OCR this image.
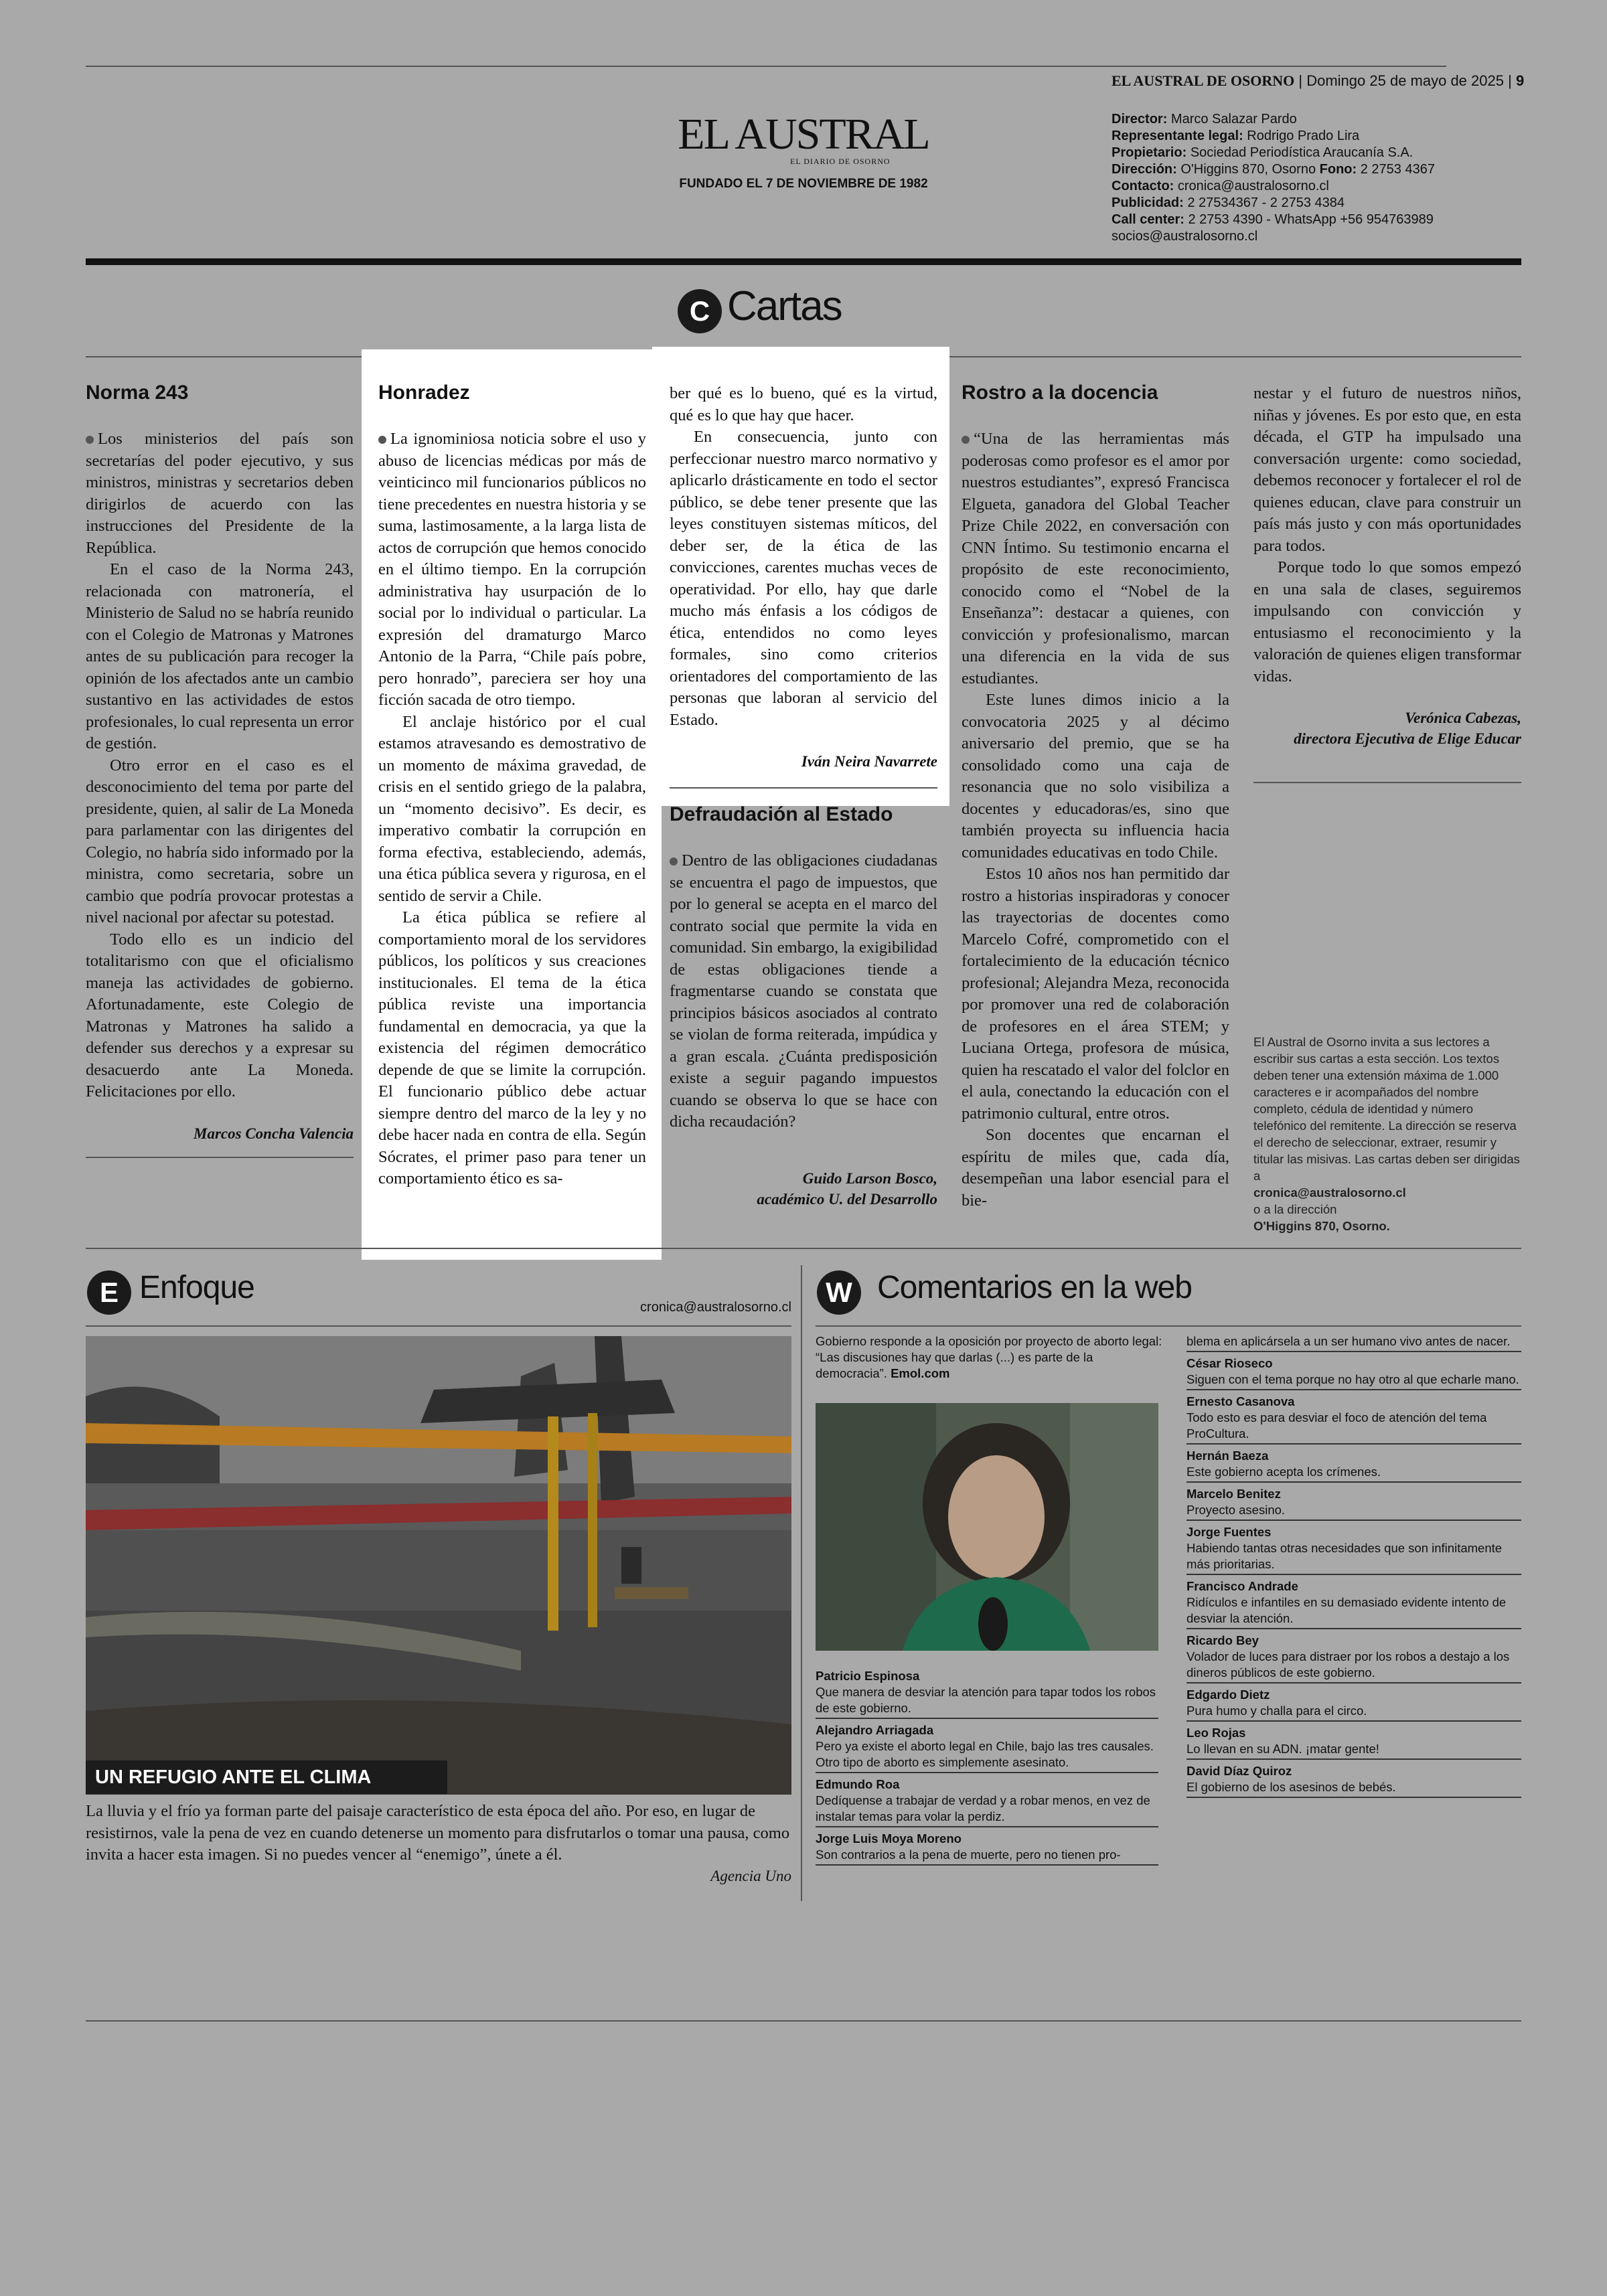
EL AUSTRAL DE OSORNO | Domingo 25 de mayo de 2025 | 9
EL AUSTRAL
EL DIARIO DE OSORNO
FUNDADO EL 7 DE NOVIEMBRE DE 1982
Director: Marco Salazar Pardo
Representante legal: Rodrigo Prado Lira
Propietario: Sociedad Periodística Araucanía S.A.
Dirección: O'Higgins 870, Osorno Fono: 2 2753 4367
Contacto: cronica@australosorno.cl
Publicidad: 2 27534367 - 2 2753 4384
Call center: 2 2753 4390 - WhatsApp +56 954763989
socios@australosorno.cl
C Cartas
Norma 243

Los ministerios del país son secretarías del poder ejecutivo, y sus ministros, ministras y secretarios deben dirigirlos de acuerdo con las instrucciones del Presidente de la República.

En el caso de la Norma 243, relacionada con matronería, el Ministerio de Salud no se habría reunido con el Colegio de Matronas y Matrones antes de su publicación para recoger la opinión de los afectados ante un cambio sustantivo en las actividades de estos profesionales, lo cual representa un error de gestión.

Otro error en el caso es el desconocimiento del tema por parte del presidente, quien, al salir de La Moneda para parlamentar con las dirigentes del Colegio, no habría sido informado por la ministra, como secretaria, sobre un cambio que podría provocar protestas a nivel nacional por afectar su potestad.

Todo ello es un indicio del totalitarismo con que el oficialismo maneja las actividades de gobierno. Afortunadamente, este Colegio de Matronas y Matrones ha salido a defender sus derechos y a expresar su desacuerdo ante La Moneda. Felicitaciones por ello.

Marcos Concha Valencia
Honradez

La ignominiosa noticia sobre el uso y abuso de licencias médicas por más de veinticinco mil funcionarios públicos no tiene precedentes en nuestra historia y se suma, lastimosamente, a la larga lista de actos de corrupción que hemos conocido en el último tiempo. En la corrupción administrativa hay usurpación de lo social por lo individual o particular. La expresión del dramaturgo Marco Antonio de la Parra, “Chile país pobre, pero honrado”, pareciera ser hoy una ficción sacada de otro tiempo.

El anclaje histórico por el cual estamos atravesando es demostrativo de un momento de máxima gravedad, de crisis en el sentido griego de la palabra, un “momento decisivo”. Es decir, es imperativo combatir la corrupción en forma efectiva, estableciendo, además, una ética pública severa y rigurosa, en el sentido de servir a Chile.

La ética pública se refiere al comportamiento moral de los servidores públicos, los políticos y sus creaciones institucionales. El tema de la ética pública reviste una importancia fundamental en democracia, ya que la existencia del régimen democrático depende de que se limite la corrupción. El funcionario público debe actuar siempre dentro del marco de la ley y no debe hacer nada en contra de ella. Según Sócrates, el primer paso para tener un comportamiento ético es sa-

ber qué es lo bueno, qué es la virtud, qué es lo que hay que hacer.

En consecuencia, junto con perfeccionar nuestro marco normativo y aplicarlo drásticamente en todo el sector público, se debe tener presente que las leyes constituyen sistemas míticos, del deber ser, de la ética de las convicciones, carentes muchas veces de operatividad. Por ello, hay que darle mucho más énfasis a los códigos de ética, entendidos no como leyes formales, sino como criterios orientadores del comportamiento de las personas que laboran al servicio del Estado.

Iván Neira Navarrete
Defraudación al Estado

Dentro de las obligaciones ciudadanas se encuentra el pago de impuestos, que por lo general se acepta en el marco del contrato social que permite la vida en comunidad. Sin embargo, la exigibilidad de estas obligaciones tiende a fragmentarse cuando se constata que principios básicos asociados al contrato se violan de forma reiterada, impúdica y a gran escala. ¿Cuánta predisposición existe a seguir pagando impuestos cuando se observa lo que se hace con dicha recaudación?

Guido Larson Bosco,
académico U. del Desarrollo
Rostro a la docencia

“Una de las herramientas más poderosas como profesor es el amor por nuestros estudiantes”, expresó Francisca Elgueta, ganadora del Global Teacher Prize Chile 2022, en conversación con CNN Íntimo. Su testimonio encarna el propósito de este reconocimiento, conocido como el “Nobel de la Enseñanza”: destacar a quienes, con convicción y profesionalismo, marcan una diferencia en la vida de sus estudiantes.

Este lunes dimos inicio a la convocatoria 2025 y al décimo aniversario del premio, que se ha consolidado como una caja de resonancia que no solo visibiliza a docentes y educadoras/es, sino que también proyecta su influencia hacia comunidades educativas en todo Chile.

Estos 10 años nos han permitido dar rostro a historias inspiradoras y conocer las trayectorias de docentes como Marcelo Cofré, comprometido con el fortalecimiento de la educación técnico profesional; Alejandra Meza, reconocida por promover una red de colaboración de profesores en el área STEM; y Luciana Ortega, profesora de música, quien ha rescatado el valor del folclor en el aula, conectando la educación con el patrimonio cultural, entre otros.

Son docentes que encarnan el espíritu de miles que, cada día, desempeñan una labor esencial para el bie-

nestar y el futuro de nuestros niños, niñas y jóvenes. Es por esto que, en esta década, el GTP ha impulsado una conversación urgente: como sociedad, debemos reconocer y fortalecer el rol de quienes educan, clave para construir un país más justo y con más oportunidades para todos.

Porque todo lo que somos empezó en una sala de clases, seguiremos impulsando con convicción y entusiasmo el reconocimiento y la valoración de quienes eligen transformar vidas.

Verónica Cabezas,
directora Ejecutiva de Elige Educar
El Austral de Osorno invita a sus lectores a escribir sus cartas a esta sección. Los textos deben tener una extensión máxima de 1.000 caracteres e ir acompañados del nombre completo, cédula de identidad y número telefónico del remitente. La dirección se reserva el derecho de seleccionar, extraer, resumir y titular las misivas. Las cartas deben ser dirigidas a
cronica@australosorno.cl
o a la dirección
O'Higgins 870, Osorno.
E Enfoque
cronica@australosorno.cl
UN REFUGIO ANTE EL CLIMA
La lluvia y el frío ya forman parte del paisaje característico de esta época del año. Por eso, en lugar de resistirnos, vale la pena de vez en cuando detenerse un momento para disfrutarlos o tomar una pausa, como invita a hacer esta imagen. Si no puedes vencer al “enemigo”, únete a él.
Agencia Uno
W Comentarios en la web
Gobierno responde a la oposición por proyecto de aborto legal: “Las discusiones hay que darlas (...) es parte de la democracia”. Emol.com
Patricio Espinosa
Que manera de desviar la atención para tapar todos los robos de este gobierno.
Alejandro Arriagada
Pero ya existe el aborto legal en Chile, bajo las tres causales. Otro tipo de aborto es simplemente asesinato.
Edmundo Roa
Dedíquense a trabajar de verdad y a robar menos, en vez de instalar temas para volar la perdiz.
Jorge Luis Moya Moreno
Son contrarios a la pena de muerte, pero no tienen pro-
blema en aplicársela a un ser humano vivo antes de nacer.
César Rioseco
Siguen con el tema porque no hay otro al que echarle mano.
Ernesto Casanova
Todo esto es para desviar el foco de atención del tema ProCultura.
Hernán Baeza
Este gobierno acepta los crímenes.
Marcelo Benitez
Proyecto asesino.
Jorge Fuentes
Habiendo tantas otras necesidades que son infinitamente más prioritarias.
Francisco Andrade
Ridículos e infantiles en su demasiado evidente intento de desviar la atención.
Ricardo Bey
Volador de luces para distraer por los robos a destajo a los dineros públicos de este gobierno.
Edgardo Dietz
Pura humo y challa para el circo.
Leo Rojas
Lo llevan en su ADN. ¡matar gente!
David Díaz Quiroz
El gobierno de los asesinos de bebés.
